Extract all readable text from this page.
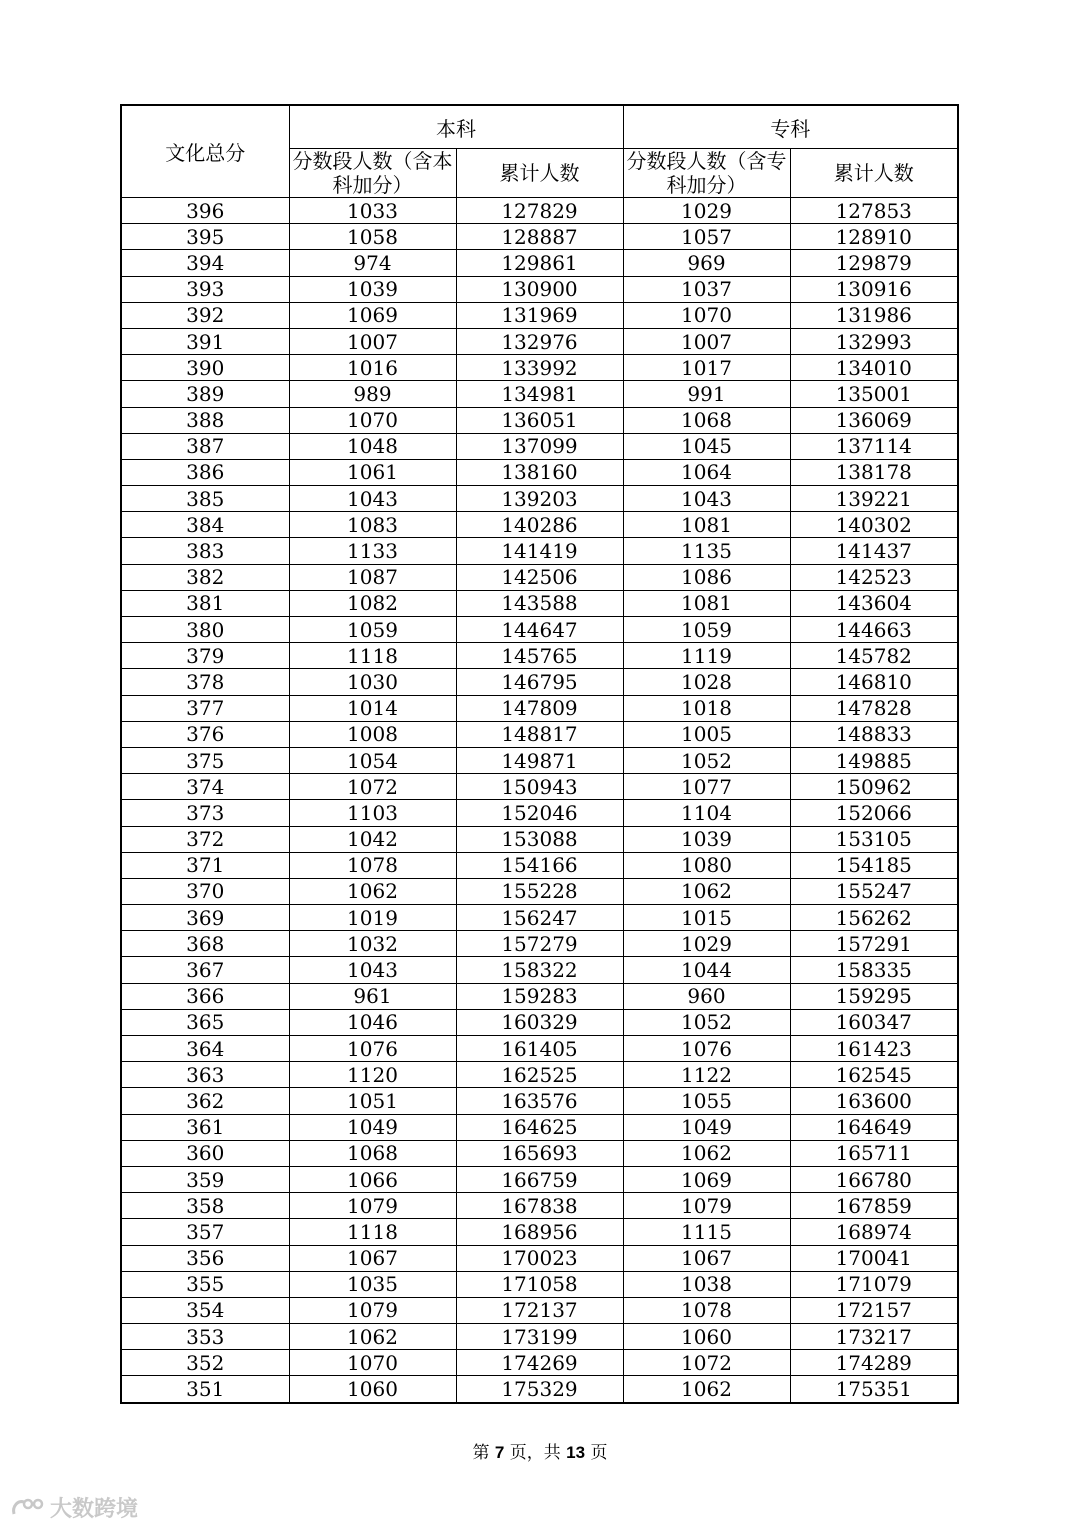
文化总分	本科		专科	
	分数段人数（含本科加分）	累计人数	分数段人数（含专科加分）	累计人数
396	1033	127829	1029	127853
395	1058	128887	1057	128910
394	974	129861	969	129879
393	1039	130900	1037	130916
392	1069	131969	1070	131986
391	1007	132976	1007	132993
390	1016	133992	1017	134010
389	989	134981	991	135001
388	1070	136051	1068	136069
387	1048	137099	1045	137114
386	1061	138160	1064	138178
385	1043	139203	1043	139221
384	1083	140286	1081	140302
383	1133	141419	1135	141437
382	1087	142506	1086	142523
381	1082	143588	1081	143604
380	1059	144647	1059	144663
379	1118	145765	1119	145782
378	1030	146795	1028	146810
377	1014	147809	1018	147828
376	1008	148817	1005	148833
375	1054	149871	1052	149885
374	1072	150943	1077	150962
373	1103	152046	1104	152066
372	1042	153088	1039	153105
371	1078	154166	1080	154185
370	1062	155228	1062	155247
369	1019	156247	1015	156262
368	1032	157279	1029	157291
367	1043	158322	1044	158335
366	961	159283	960	159295
365	1046	160329	1052	160347
364	1076	161405	1076	161423
363	1120	162525	1122	162545
362	1051	163576	1055	163600
361	1049	164625	1049	164649
360	1068	165693	1062	165711
359	1066	166759	1069	166780
358	1079	167838	1079	167859
357	1118	168956	1115	168974
356	1067	170023	1067	170041
355	1035	171058	1038	171079
354	1079	172137	1078	172157
353	1062	173199	1060	173217
352	1070	174269	1072	174289
351	1060	175329	1062	175351
第 7 页，共 13 页
大数跨境
